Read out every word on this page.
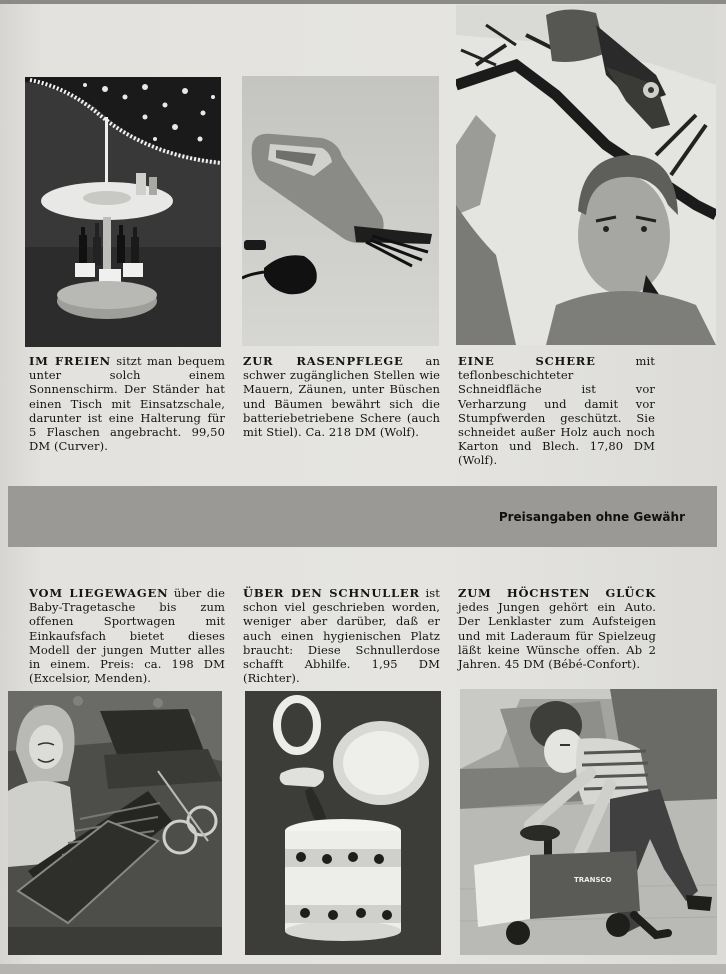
IM FREIEN sitzt man bequem unter solch einem Sonnenschirm. Der Ständer hat einen Tisch mit Einsatzschale, darunter ist eine Halterung für 5 Flaschen angebracht. 99,50 DM (Curver).

ZUR RASENPFLEGE an schwer zugänglichen Stellen wie Mauern, Zäunen, unter Büschen und Bäumen bewährt sich die batteriebetriebene Schere (auch mit Stiel). Ca. 218 DM (Wolf).

EINE SCHERE	mit teflonbeschichteter Schneidfläche ist vor Verharzung und damit vor Stumpfwerden geschützt. Sie schneidet außer Holz auch noch Karton und Blech. 17,80 DM (Wolf).

Preisangaben ohne Gewähr

VOM LIEGEWAGEN über die Baby-Tragetasche bis zum offenen Sportwagen mit Einkaufsfach bietet dieses Modell der jungen Mutter alles in einem. Preis: ca. 198 DM (Excelsior, Menden).

ÜBER DEN SCHNULLER ist schon viel geschrieben worden, weniger aber darüber, daß er auch einen hygienischen Platz braucht: Diese Schnullerdose schafft Abhilfe. 1,95 DM (Richter).

ZUM HÖCHSTEN GLÜCK jedes Jungen gehört ein Auto. Der Lenklaster zum Aufsteigen und mit Laderaum für Spielzeug läßt keine Wünsche offen. Ab 2 Jahren. 45 DM (Bébé-Confort).

TRANSCO
